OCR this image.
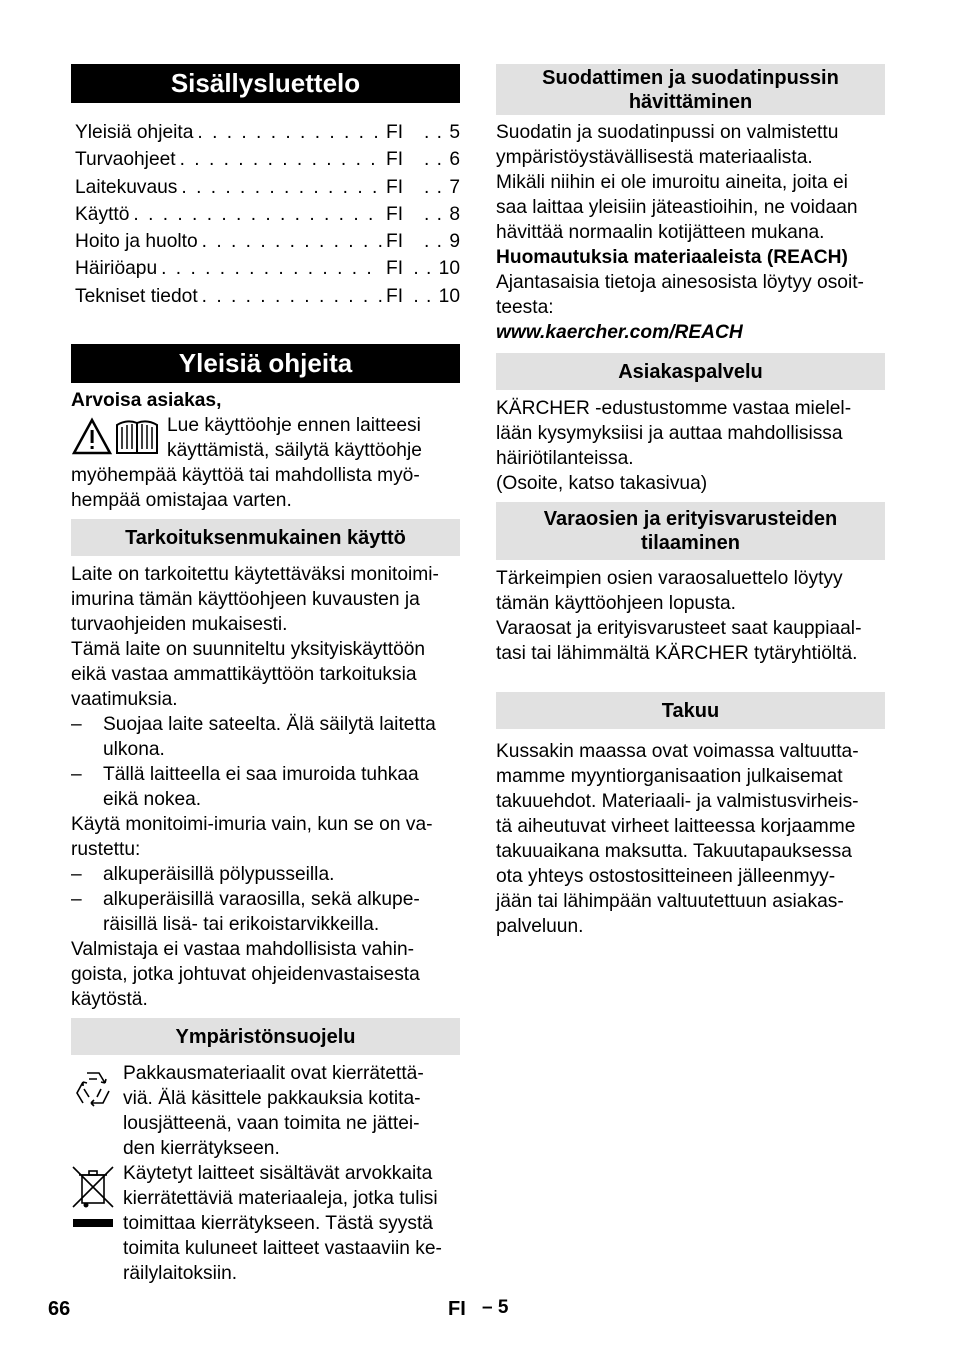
Sisällysluettelo
Yleisiä ohjeita . . .	FI	. . 5
Turvaohjeet . . .	FI	. . 6
Laitekuvaus . . .	FI	. . 7
Käyttö . . .	FI	. . 8
Hoito ja huolto . . .	FI	. . 9
Häiriöapu . . .	FI	. . 10
Tekniset tiedot . . .	FI	. . 10
Yleisiä ohjeita

Arvoisa asiakas,

Lue käyttöohje ennen laitteesi

käyttämistä, säilytä käyttöohje

myöhempää käyttöä tai mahdollista myö-

hempää omistajaa varten.

Tarkoituksenmukainen käyttö

Laite on tarkoitettu käytettäväksi monitoimi-

imurina tämän käyttöohjeen kuvausten ja

turvaohjeiden mukaisesti.

Tämä laite on suunniteltu yksityiskäyttöön

eikä vastaa ammattikäyttöön tarkoituksia

vaatimuksia.

– Suojaa laite sateelta. Älä säilytä laitetta
ulkona.
– Tällä laitteella ei saa imuroida tuhkaa
eikä nokea.

Käytä monitoimi-imuria vain, kun se on va-

rustettu:

– alkuperäisillä pölypusseilla.
– alkuperäisillä varaosilla, sekä alkupe-
räisillä lisä- tai erikoistarvikkeilla.

Valmistaja ei vastaa mahdollisista vahin-

goista, jotka johtuvat ohjeidenvastaisesta

käytöstä.

Ympäristönsuojelu

Pakkausmateriaalit ovat kierrätettä-

viä. Älä käsittele pakkauksia kotita-

lousjätteenä, vaan toimita ne jättei-

den kierrätykseen.

Käytetyt laitteet sisältävät arvokkaita

kierrätettäviä materiaaleja, jotka tulisi

toimittaa kierrätykseen. Tästä syystä

toimita kuluneet laitteet vastaaviin ke-

räilylaitoksiin.

Suodattimen ja suodatinpussin
hävittäminen

Suodatin ja suodatinpussi on valmistettu

ympäristöystävällisestä materiaalista.

Mikäli niihin ei ole imuroitu aineita, joita ei

saa laittaa yleisiin jäteastioihin, ne voidaan

hävittää normaalin kotijätteen mukana.

Huomautuksia materiaaleista (REACH)

Ajantasaisia tietoja ainesosista löytyy osoit-

teesta:

www.kaercher.com/REACH

Asiakaspalvelu

KÄRCHER -edustustomme vastaa mielel-

lään kysymyksiisi ja auttaa mahdollisissa

häiriötilanteissa.

(Osoite, katso takasivua)

Varaosien ja erityisvarusteiden
tilaaminen

Tärkeimpien osien varaosaluettelo löytyy

tämän käyttöohjeen lopusta.

Varaosat ja erityisvarusteet saat kauppiaal-

tasi tai lähimmältä KÄRCHER tytäryhtiöltä.

Takuu

Kussakin maassa ovat voimassa valtuutta-

mamme myyntiorganisaation julkaisemat

takuuehdot. Materiaali- ja valmistusvirheis-

tä aiheutuvat virheet laitteessa korjaamme

takuuaikana maksutta. Takuutapauksessa

ota yhteys ostostositteineen jälleenmyy-

jään tai lähimpään valtuutettuun asiakas-

palveluun.

66	FI – 5
